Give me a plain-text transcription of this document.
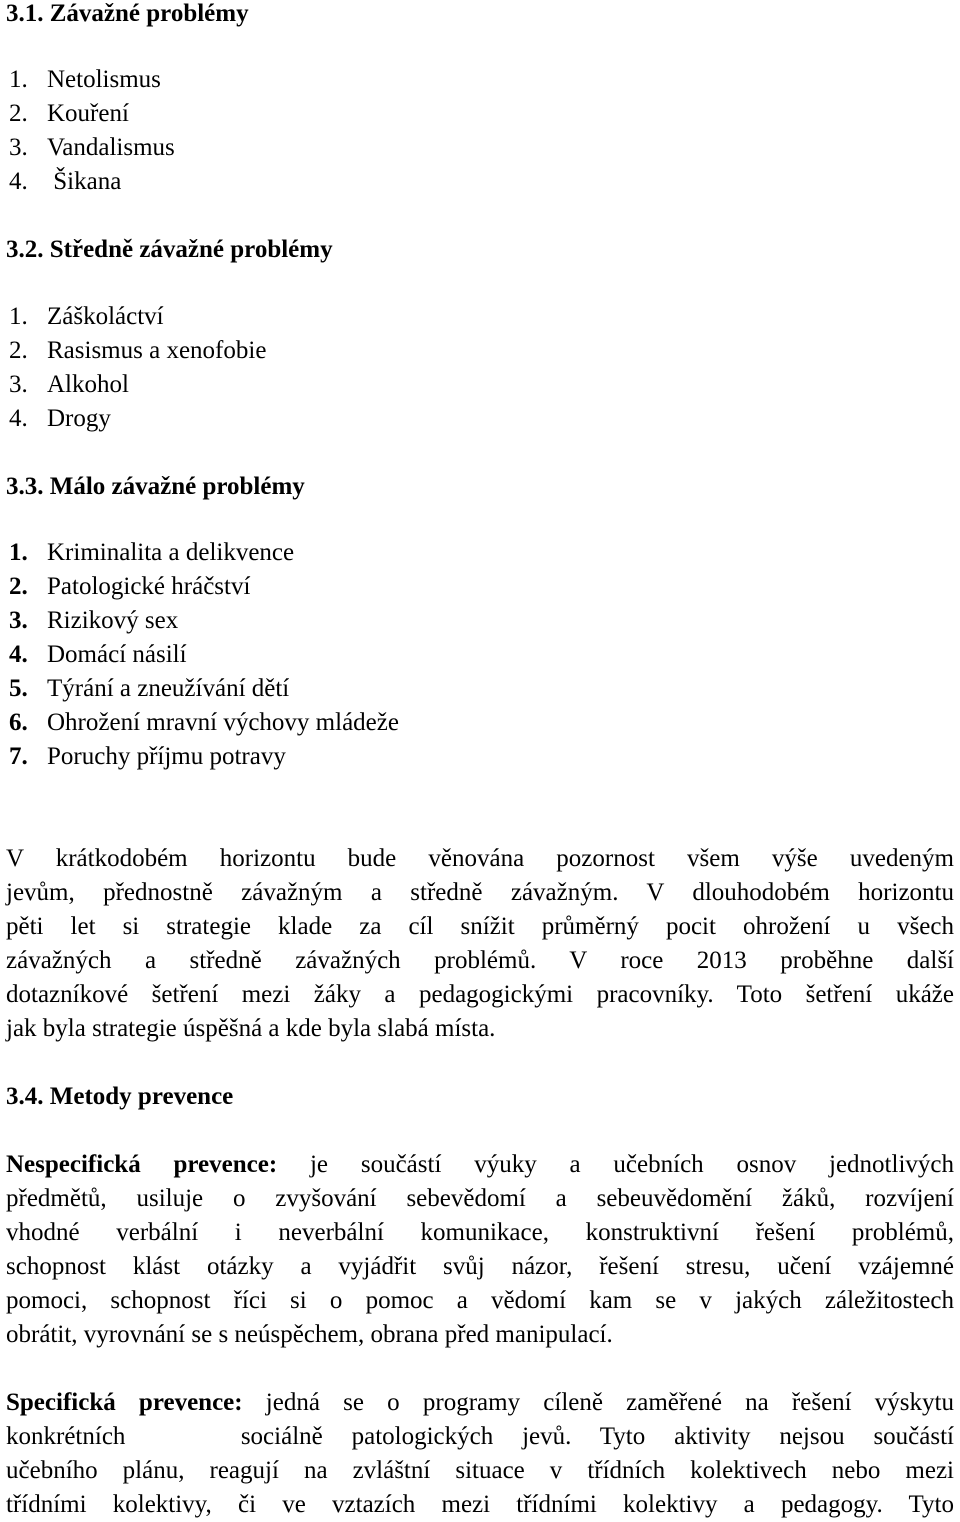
3.1. Závažné problémy
1. Netolismus
2. Kouření
3. Vandalismus
4. Šikana
3.2. Středně závažné problémy
1. Záškoláctví
2. Rasismus a xenofobie
3. Alkohol
4. Drogy
3.3. Málo závažné problémy
1. Kriminalita a delikvence
2. Patologické hráčství
3. Rizikový sex
4. Domácí násilí
5. Týrání a zneužívání dětí
6. Ohrožení mravní výchovy mládeže
7. Poruchy příjmu potravy
V krátkodobém horizontu bude věnována pozornost všem výše uvedeným
jevům, přednostně závažným a středně závažným. V dlouhodobém horizontu
pěti let si strategie klade za cíl snížit průměrný pocit ohrožení u všech
závažných a středně závažných problémů. V roce 2013 proběhne další
dotazníkové šetření mezi žáky a pedagogickými pracovníky. Toto šetření ukáže
jak byla strategie úspěšná a kde byla slabá místa.
3.4. Metody prevence
Nespecifická prevence: je součástí výuky a učebních osnov jednotlivých
předmětů, usiluje o zvyšování sebevědomí a sebeuvědomění žáků, rozvíjení
vhodné verbální i neverbální komunikace, konstruktivní řešení problémů,
schopnost klást otázky a vyjádřit svůj názor, řešení stresu, učení vzájemné
pomoci, schopnost říci si o pomoc a vědomí kam se v jakých záležitostech
obrátit, vyrovnání se s neúspěchem, obrana před manipulací.
Specifická prevence: jedná se o programy cíleně zaměřené na řešení výskytu
konkrétních    sociálně patologických jevů. Tyto aktivity nejsou součástí
učebního plánu, reagují na zvláštní situace v třídních kolektivech nebo mezi
třídními kolektivy, či ve vztazích mezi třídními kolektivy a pedagogy. Tyto
